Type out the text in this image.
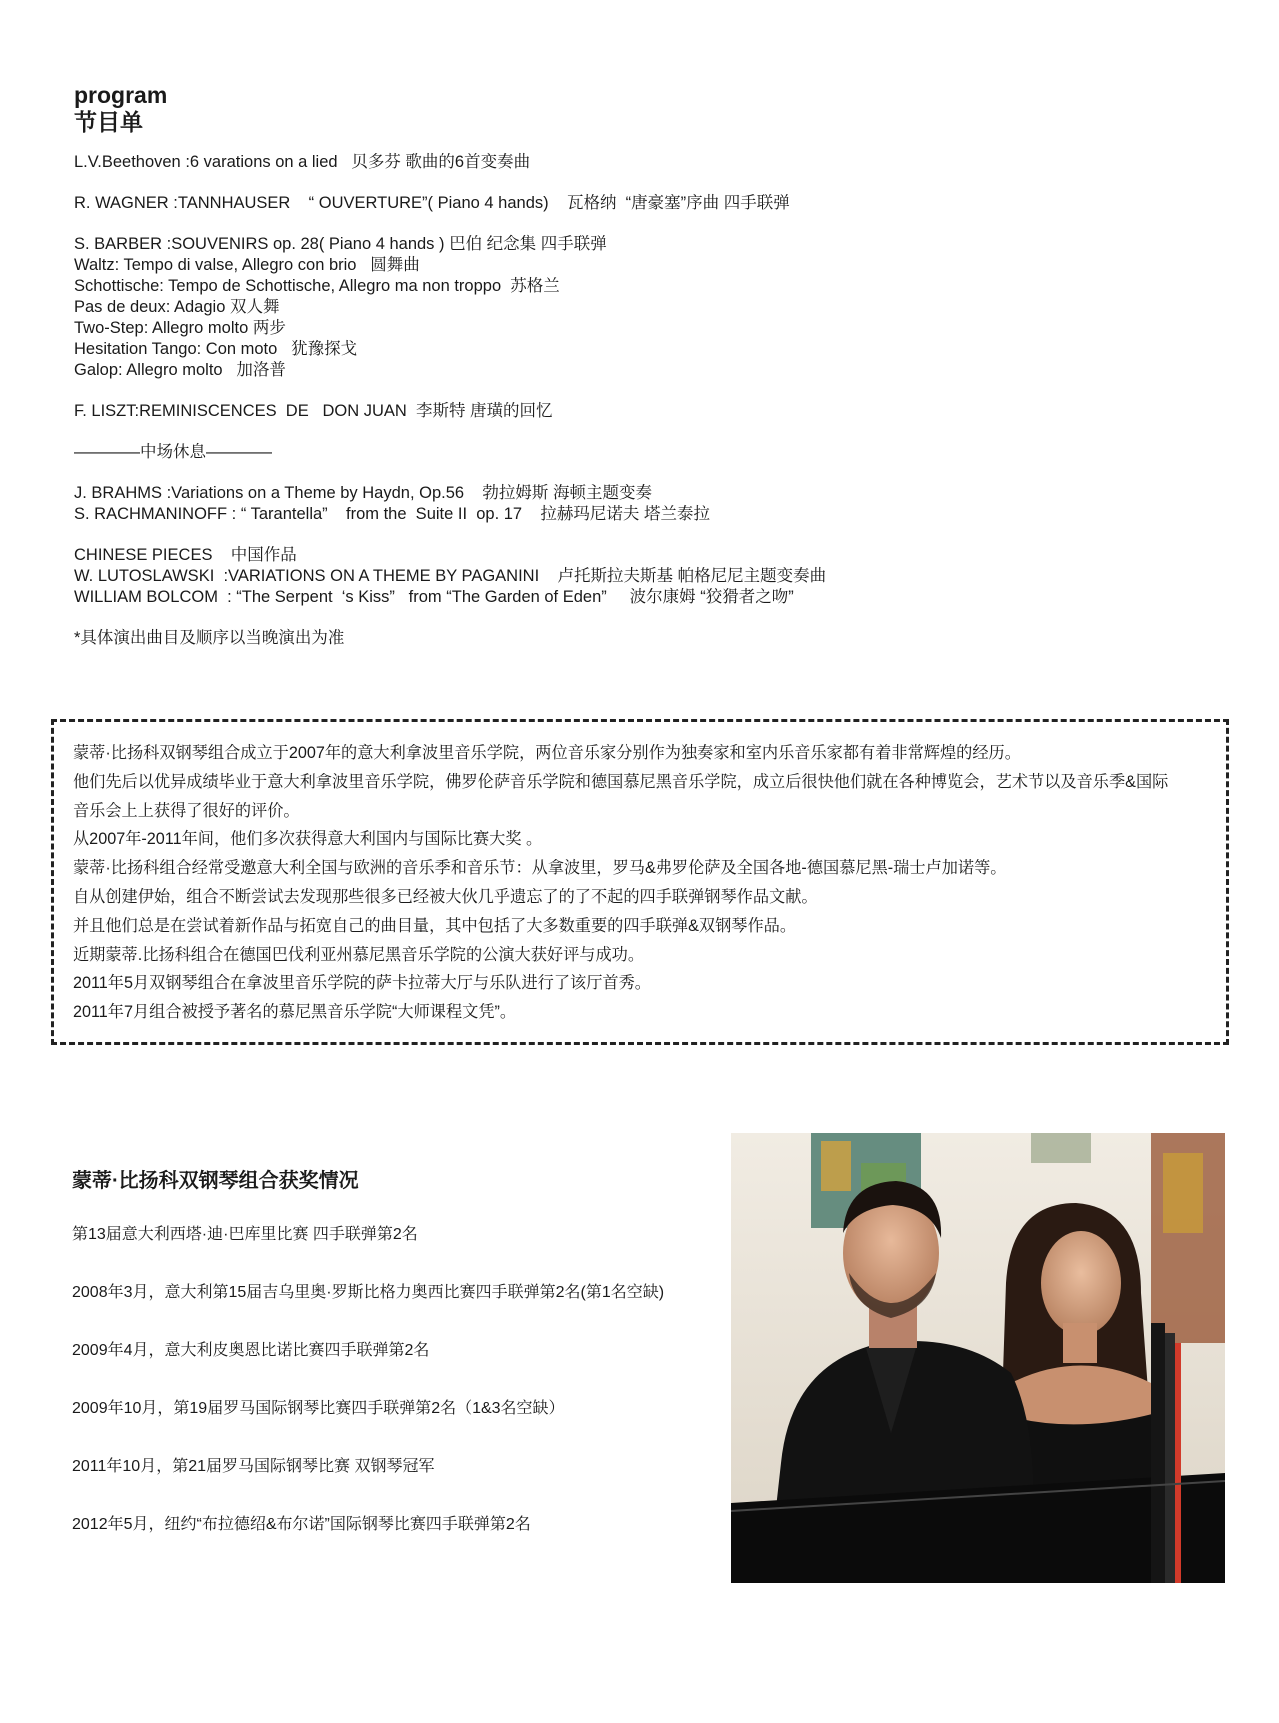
program
节目单
L.V.Beethoven :6 varations on a lied   贝多芬 歌曲的6首变奏曲
R. WAGNER :TANNHAUSER    “ OUVERTURE”( Piano 4 hands)    瓦格纳  “唐豪塞”序曲 四手联弹
S. BARBER :SOUVENIRS op. 28( Piano 4 hands ) 巴伯 纪念集 四手联弹
Waltz: Tempo di valse, Allegro con brio   圆舞曲
Schottische: Tempo de Schottische, Allegro ma non troppo  苏格兰
Pas de deux: Adagio 双人舞
Two-Step: Allegro molto 两步
Hesitation Tango: Con moto   犹豫探戈
Galop: Allegro molto   加洛普
F. LISZT:REMINISCENCES  DE   DON JUAN  李斯特 唐璜的回忆
————中场休息————
J. BRAHMS :Variations on a Theme by Haydn, Op.56    勃拉姆斯 海顿主题变奏
S. RACHMANINOFF : “ Tarantella”    from the  Suite II  op. 17    拉赫玛尼诺夫 塔兰泰拉
CHINESE PIECES    中国作品
W. LUTOSLAWSKI  :VARIATIONS ON A THEME BY PAGANINI    卢托斯拉夫斯基 帕格尼尼主题变奏曲
WILLIAM BOLCOM  : “The Serpent  ‘s Kiss”   from “The Garden of Eden”     波尔康姆 “狡猾者之吻”
*具体演出曲目及顺序以当晚演出为准
蒙蒂·比扬科双钢琴组合成立于2007年的意大利拿波里音乐学院，两位音乐家分别作为独奏家和室内乐音乐家都有着非常辉煌的经历。
他们先后以优异成绩毕业于意大利拿波里音乐学院，佛罗伦萨音乐学院和德国慕尼黑音乐学院，成立后很快他们就在各种博览会，艺术节以及音乐季&国际
音乐会上上获得了很好的评价。
从2007年-2011年间，他们多次获得意大利国内与国际比赛大奖 。
蒙蒂·比扬科组合经常受邀意大利全国与欧洲的音乐季和音乐节：从拿波里，罗马&弗罗伦萨及全国各地-德国慕尼黑-瑞士卢加诺等。
自从创建伊始，组合不断尝试去发现那些很多已经被大伙几乎遗忘了的了不起的四手联弹钢琴作品文献。
并且他们总是在尝试着新作品与拓宽自己的曲目量，其中包括了大多数重要的四手联弹&双钢琴作品。
近期蒙蒂.比扬科组合在德国巴伐利亚州慕尼黑音乐学院的公演大获好评与成功。
2011年5月双钢琴组合在拿波里音乐学院的萨卡拉蒂大厅与乐队进行了该厅首秀。
2011年7月组合被授予著名的慕尼黑音乐学院“大师课程文凭”。
蒙蒂·比扬科双钢琴组合获奖情况
第13届意大利西塔·迪·巴库里比赛 四手联弹第2名
2008年3月，意大利第15届吉乌里奥·罗斯比格力奥西比赛四手联弹第2名(第1名空缺)
2009年4月，意大利皮奥恩比诺比赛四手联弹第2名
2009年10月，第19届罗马国际钢琴比赛四手联弹第2名（1&3名空缺）
2011年10月，第21届罗马国际钢琴比赛 双钢琴冠军
2012年5月，纽约“布拉德绍&布尔诺”国际钢琴比赛四手联弹第2名
